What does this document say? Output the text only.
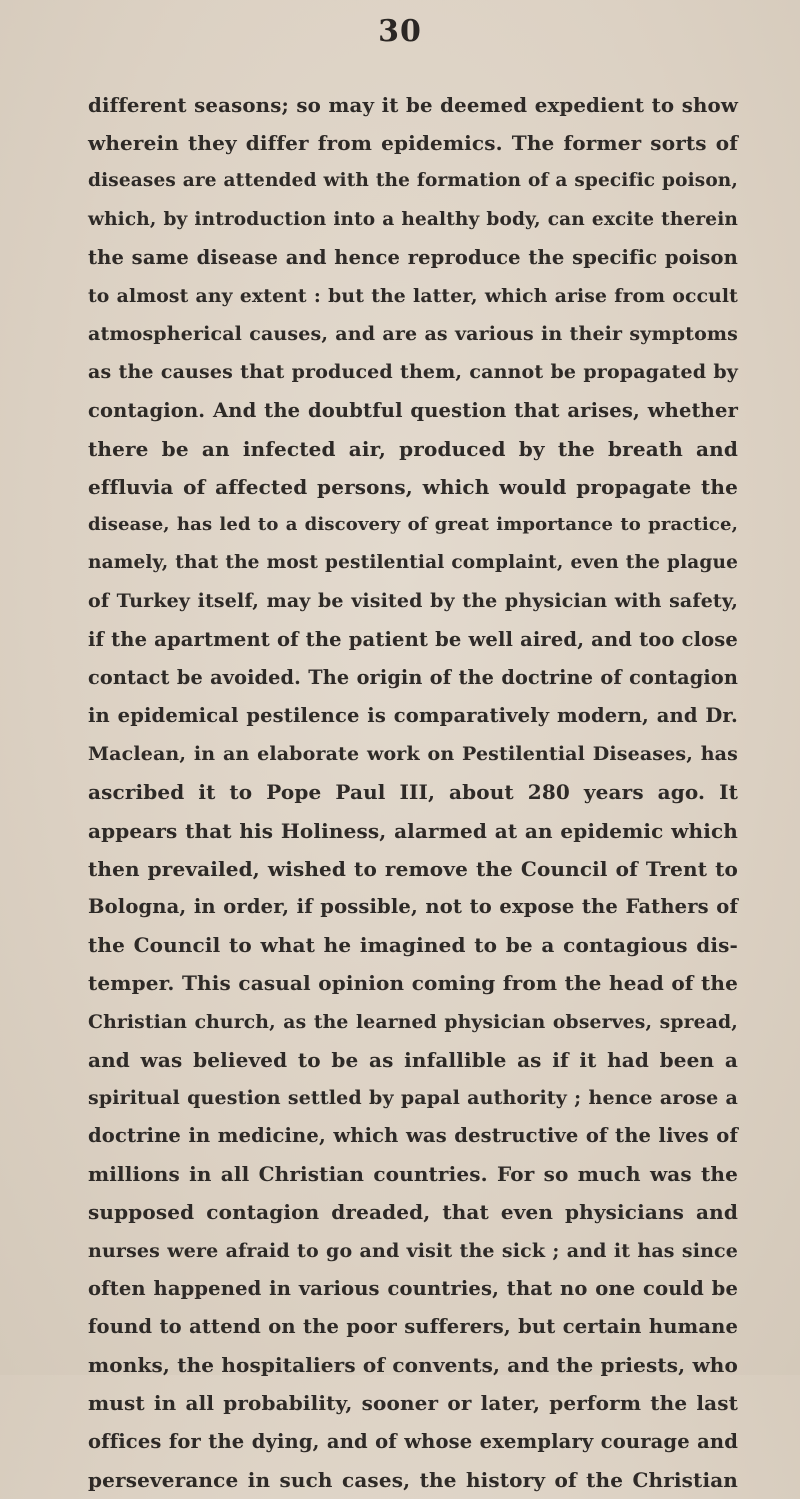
30
different seasons; so may it be deemed expedient to show
wherein they differ from epidemics. The former sorts of
diseases are attended with the formation of a specific poison,
which, by introduction into a healthy body, can excite therein
the same disease and hence reproduce the specific poison
to almost any extent : but the latter, which arise from occult
atmospherical causes, and are as various in their symptoms
as the causes that produced them, cannot be propagated by
contagion. And the doubtful question that arises, whether
there be an infected air, produced by the breath and
effluvia of affected persons, which would propagate the
disease, has led to a discovery of great importance to practice,
namely, that the most pestilential complaint, even the plague
of Turkey itself, may be visited by the physician with safety,
if the apartment of the patient be well aired, and too close
contact be avoided. The origin of the doctrine of contagion
in epidemical pestilence is comparatively modern, and Dr.
Maclean, in an elaborate work on Pestilential Diseases, has
ascribed it to Pope Paul III, about 280 years ago. It
appears that his Holiness, alarmed at an epidemic which
then prevailed, wished to remove the Council of Trent to
Bologna, in order, if possible, not to expose the Fathers of
the Council to what he imagined to be a contagious dis-
temper. This casual opinion coming from the head of the
Christian church, as the learned physician observes, spread,
and was believed to be as infallible as if it had been a
spiritual question settled by papal authority ; hence arose a
doctrine in medicine, which was destructive of the lives of
millions in all Christian countries. For so much was the
supposed contagion dreaded, that even physicians and
nurses were afraid to go and visit the sick ; and it has since
often happened in various countries, that no one could be
found to attend on the poor sufferers, but certain humane
monks, the hospitaliers of convents, and the priests, who
must in all probability, sooner or later, perform the last
offices for the dying, and of whose exemplary courage and
perseverance in such cases, the history of the Christian
